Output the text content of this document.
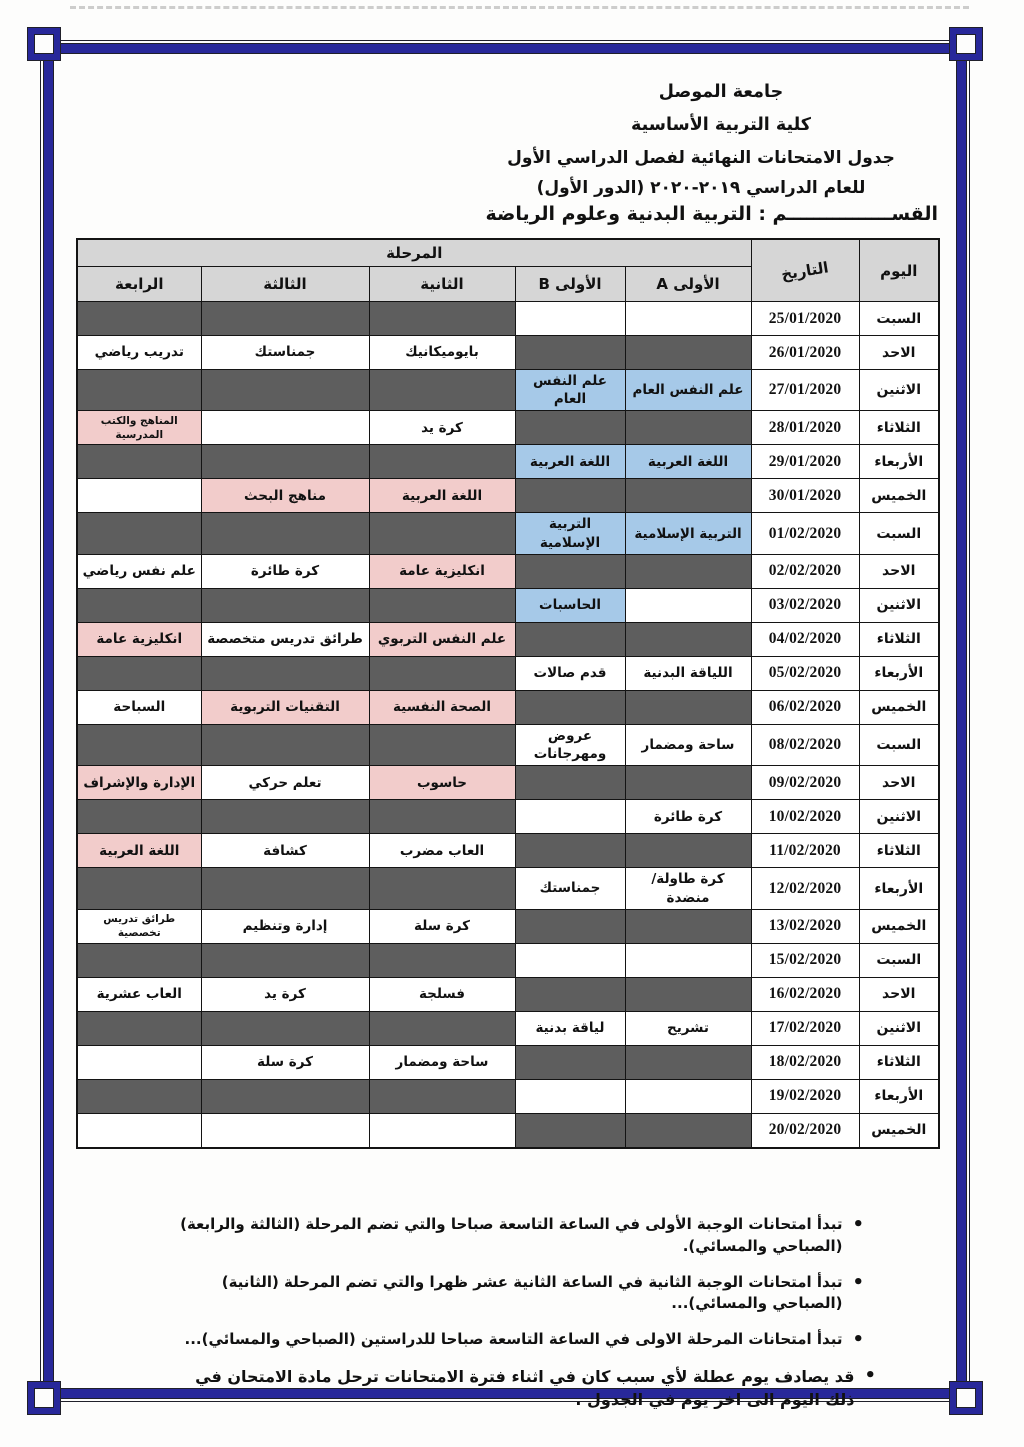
جامعة الموصل
كلية التربية الأساسية
جدول الامتحانات النهائية لفصل الدراسي الأول
للعام الدراسي ٢٠١٩-٢٠٢٠ (الدور الأول)
القســــــــــــــــم : التربية البدنية وعلوم الرياضة
اليوم	التاريخ	المرحلة				
		الأولى A	الأولى B	الثانية	الثالثة	الرابعة
السبت	25/01/2020					
الاحد	26/01/2020			بايوميكانيك	جمناستك	تدريب رياضي
الاثنين	27/01/2020	علم النفس العام	علم النفس العام			
الثلاثاء	28/01/2020			كرة يد		المناهج والكتب المدرسية
الأربعاء	29/01/2020	اللغة العربية	اللغة العربية			
الخميس	30/01/2020			اللغة العربية	مناهج البحث	
السبت	01/02/2020	التربية الإسلامية	التربية الإسلامية			
الاحد	02/02/2020			انكليزية عامة	كرة طائرة	علم نفس رياضي
الاثنين	03/02/2020		الحاسبات			
الثلاثاء	04/02/2020			علم النفس التربوي	طرائق تدريس متخصصة	انكليزية عامة
الأربعاء	05/02/2020	اللياقة البدنية	قدم صالات			
الخميس	06/02/2020			الصحة النفسية	التقنيات التربوية	السباحة
السبت	08/02/2020	ساحة ومضمار	عروض ومهرجانات			
الاحد	09/02/2020			حاسوب	تعلم حركي	الإدارة والإشراف
الاثنين	10/02/2020	كرة طائرة				
الثلاثاء	11/02/2020			العاب مضرب	كشافة	اللغة العربية
الأربعاء	12/02/2020	كرة طاولة/ منضدة	جمناستك			
الخميس	13/02/2020			كرة سلة	إدارة وتنظيم	طرائق تدريس تخصصية
السبت	15/02/2020					
الاحد	16/02/2020			فسلجة	كرة يد	العاب عشرية
الاثنين	17/02/2020	تشريح	لياقة بدنية			
الثلاثاء	18/02/2020			ساحة ومضمار	كرة سلة	
الأربعاء	19/02/2020					
الخميس	20/02/2020					
•
تبدأ امتحانات الوجبة الأولى في الساعة التاسعة صباحا والتي تضم المرحلة (الثالثة والرابعة) (الصباحي والمسائي).
•
تبدأ امتحانات الوجبة الثانية في الساعة الثانية عشر ظهرا والتي تضم المرحلة (الثانية) (الصباحي والمسائي)...
•
تبدأ امتحانات المرحلة الاولى في الساعة التاسعة صباحا للدراستين (الصباحي والمسائي)...
•
قد يصادف يوم عطلة لأي سبب كان في اثناء فترة الامتحانات ترحل مادة الامتحان في ذلك اليوم الى اخر يوم في الجدول .
